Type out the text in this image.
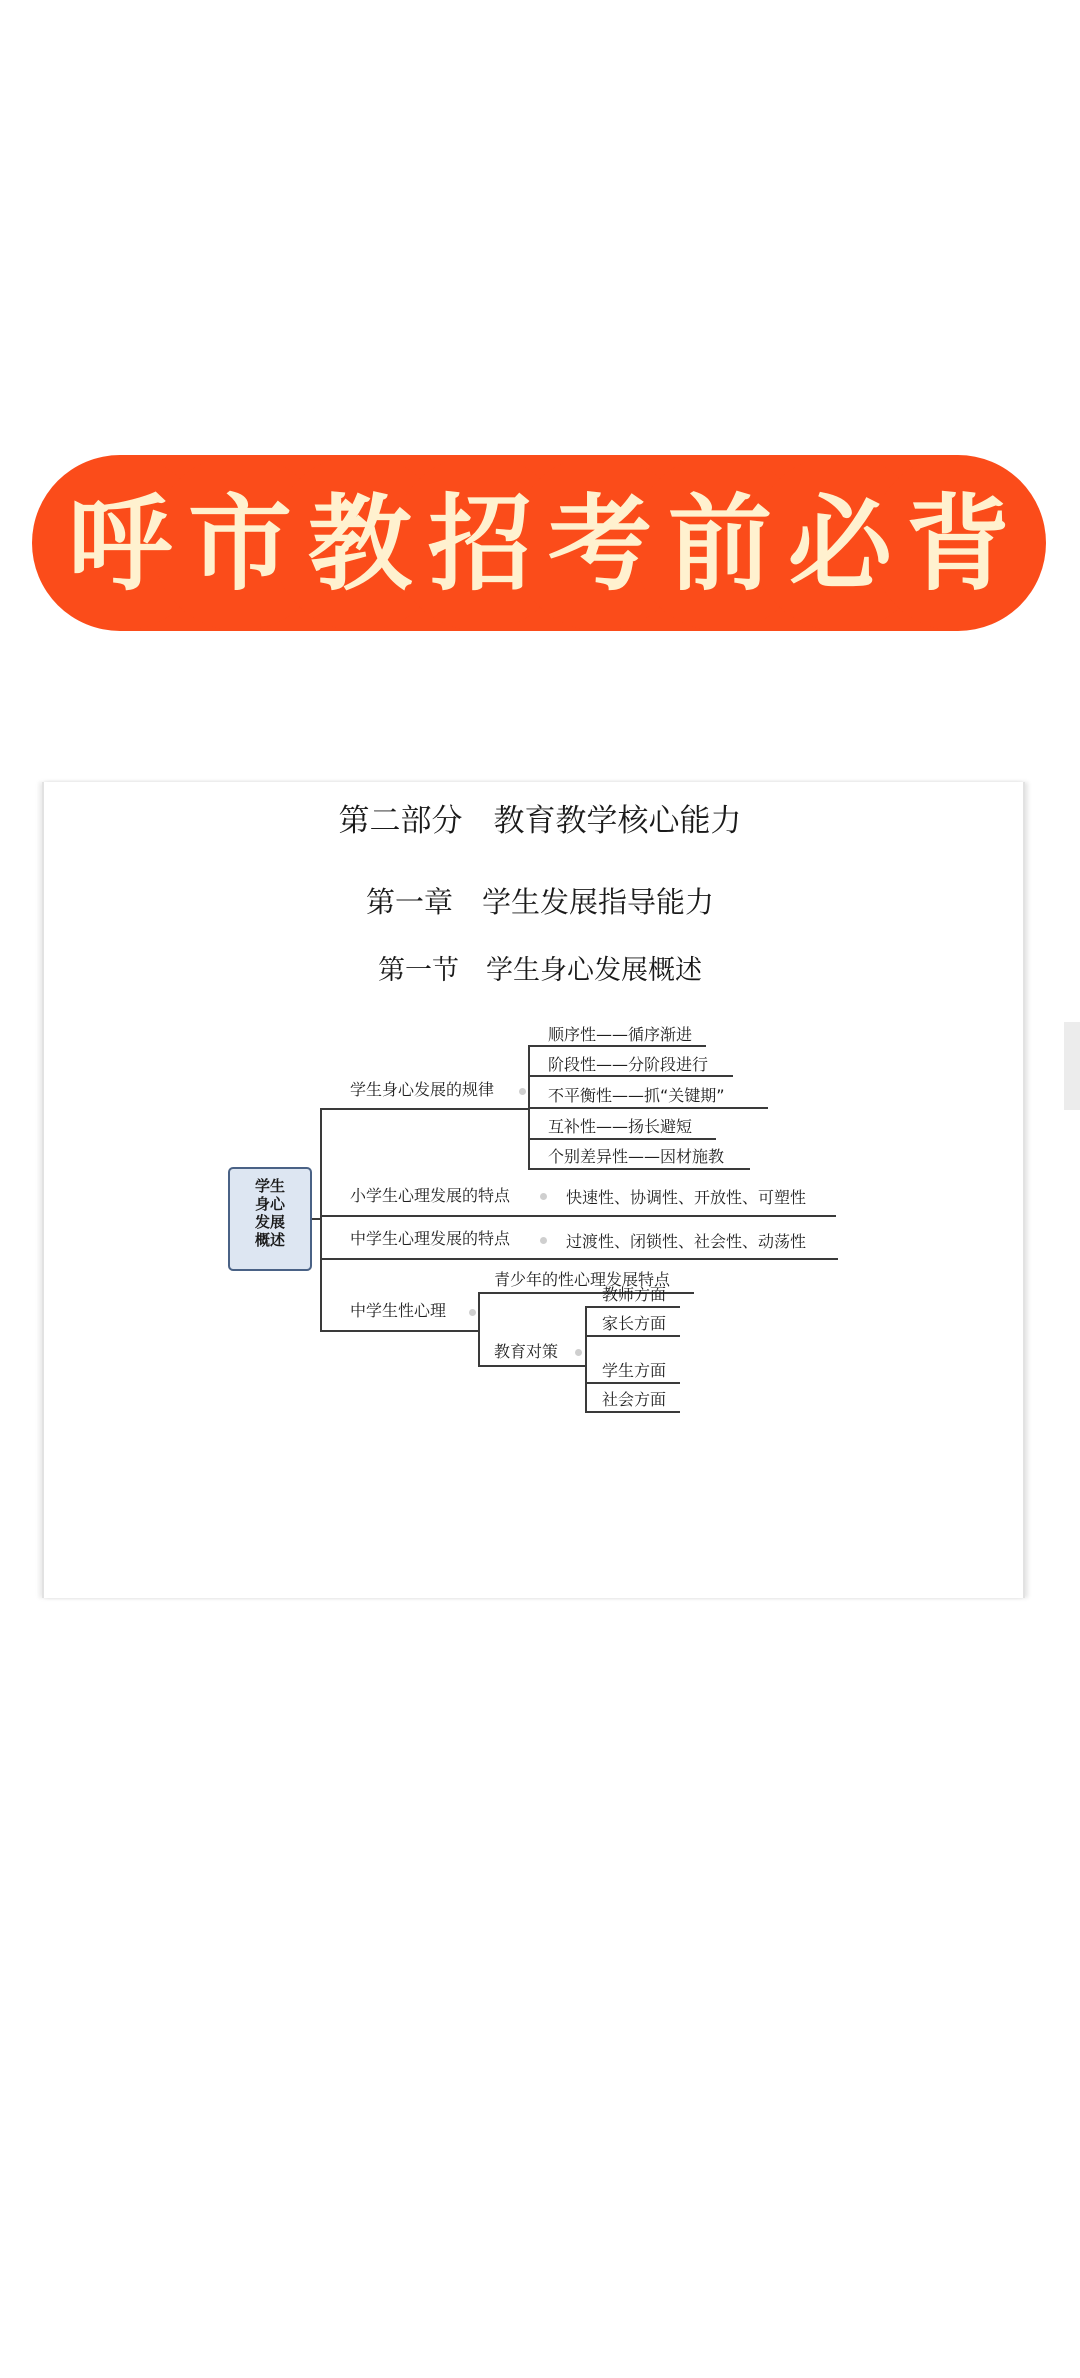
呼 市 教 招 考 前 必 背
第二部分　教育教学核心能力
第一章　学生发展指导能力
第一节　学生身心发展概述
学生
身心
发展
概述
学生身心发展的规律
顺序性——循序渐进
阶段性——分阶段进行
不平衡性——抓“关键期”
互补性——扬长避短
个别差异性——因材施教
小学生心理发展的特点	快速性、协调性、开放性、可塑性
中学生心理发展的特点	过渡性、闭锁性、社会性、动荡性
中学生性心理
青少年的性心理发展特点
教育对策
教师方面
家长方面
学生方面
社会方面
